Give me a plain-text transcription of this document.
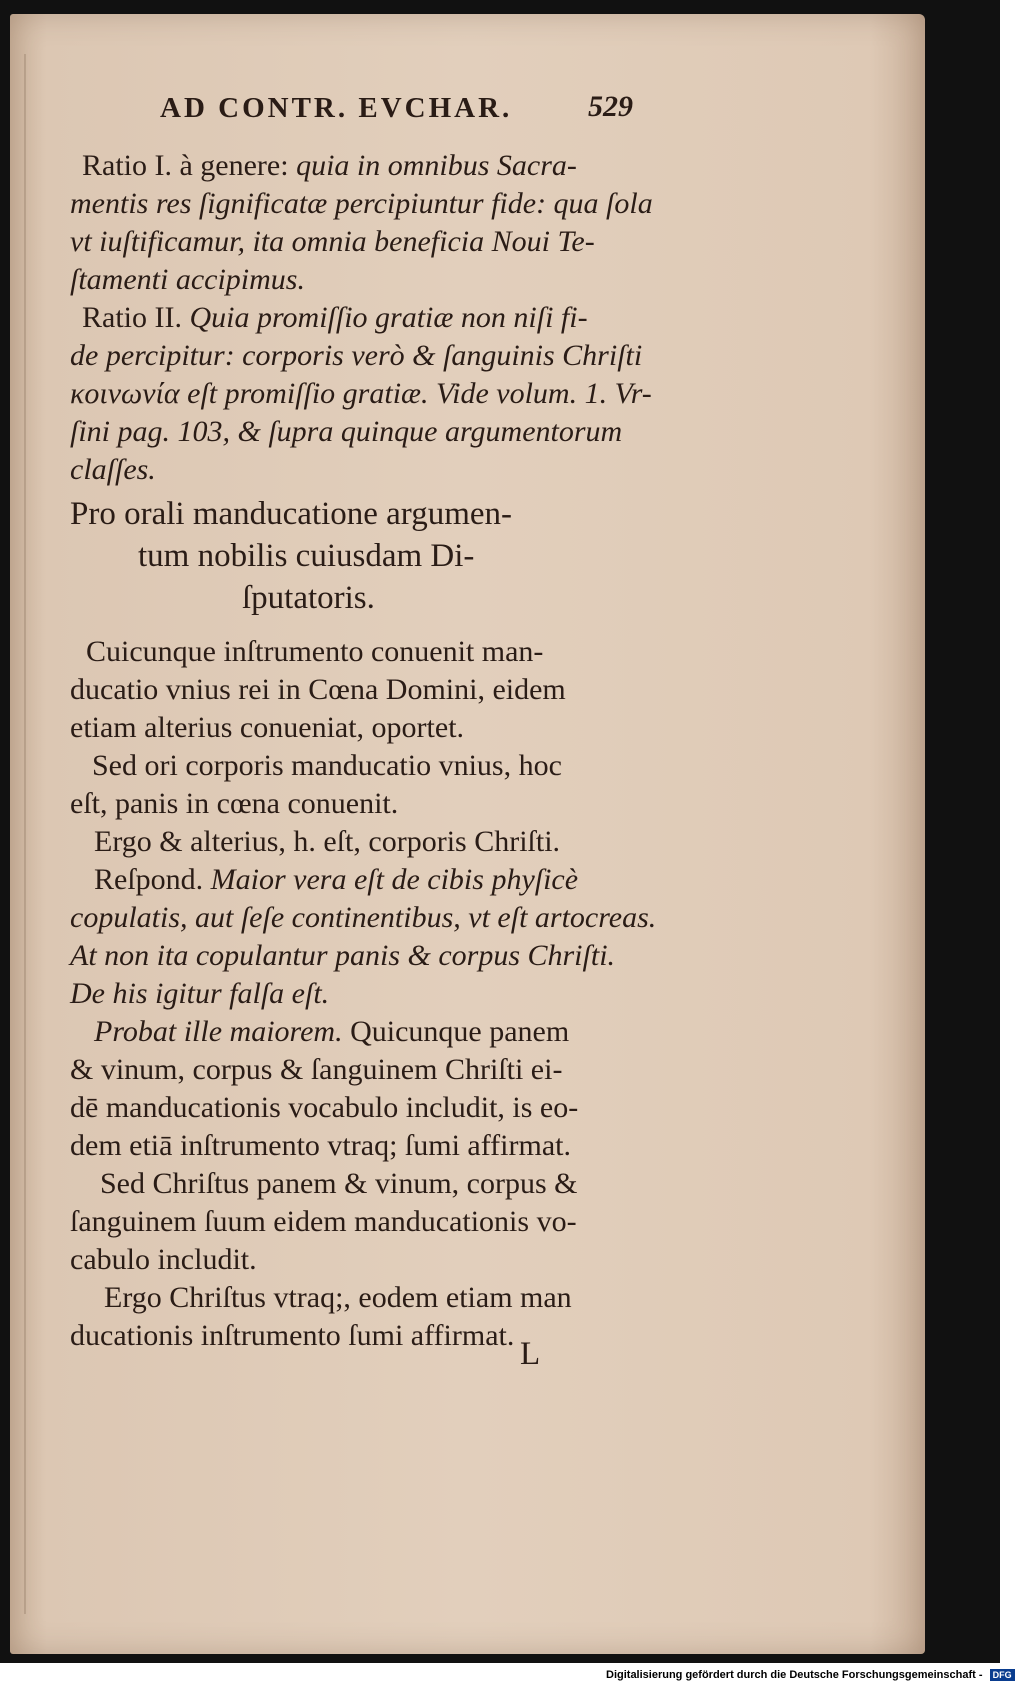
AD CONTR. EVCHAR.	529
Ratio I. à genere: quia in omnibus Sacra-
mentis res ſignificatæ percipiuntur fide: qua ſola
vt iuſtificamur, ita omnia beneficia Noui Te-
ſtamenti accipimus.
Ratio II. Quia promiſſio gratiæ non niſi fi-
de percipitur: corporis verò & ſanguinis Chriſti
κοινωνία eſt promiſſio gratiæ. Vide volum. 1. Vr-
ſini pag. 103, & ſupra quinque argumentorum
claſſes.
Pro orali manducatione argumen-
tum nobilis cuiusdam Di-
ſputatoris.
Cuicunque inſtrumento conuenit man-
ducatio vnius rei in Cœna Domini, eidem
etiam alterius conueniat, oportet.
Sed ori corporis manducatio vnius, hoc
eſt, panis in cœna conuenit.
Ergo & alterius, h. eſt, corporis Chriſti.
Reſpond. Maior vera eſt de cibis phyſicè
copulatis, aut ſeſe continentibus, vt eſt artocreas.
At non ita copulantur panis & corpus Chriſti.
De his igitur falſa eſt.
Probat ille maiorem. Quicunque panem
& vinum, corpus & ſanguinem Chriſti ei-
dē manducationis vocabulo includit, is eo-
dem etiā inſtrumento vtraq; ſumi affirmat.
Sed Chriſtus panem & vinum, corpus &
ſanguinem ſuum eidem manducationis vo-
cabulo includit.
Ergo Chriſtus vtraq;, eodem etiam man
ducationis inſtrumento ſumi affirmat.
L
Digitalisierung gefördert durch die Deutsche Forschungsgemeinschaft - DFG
